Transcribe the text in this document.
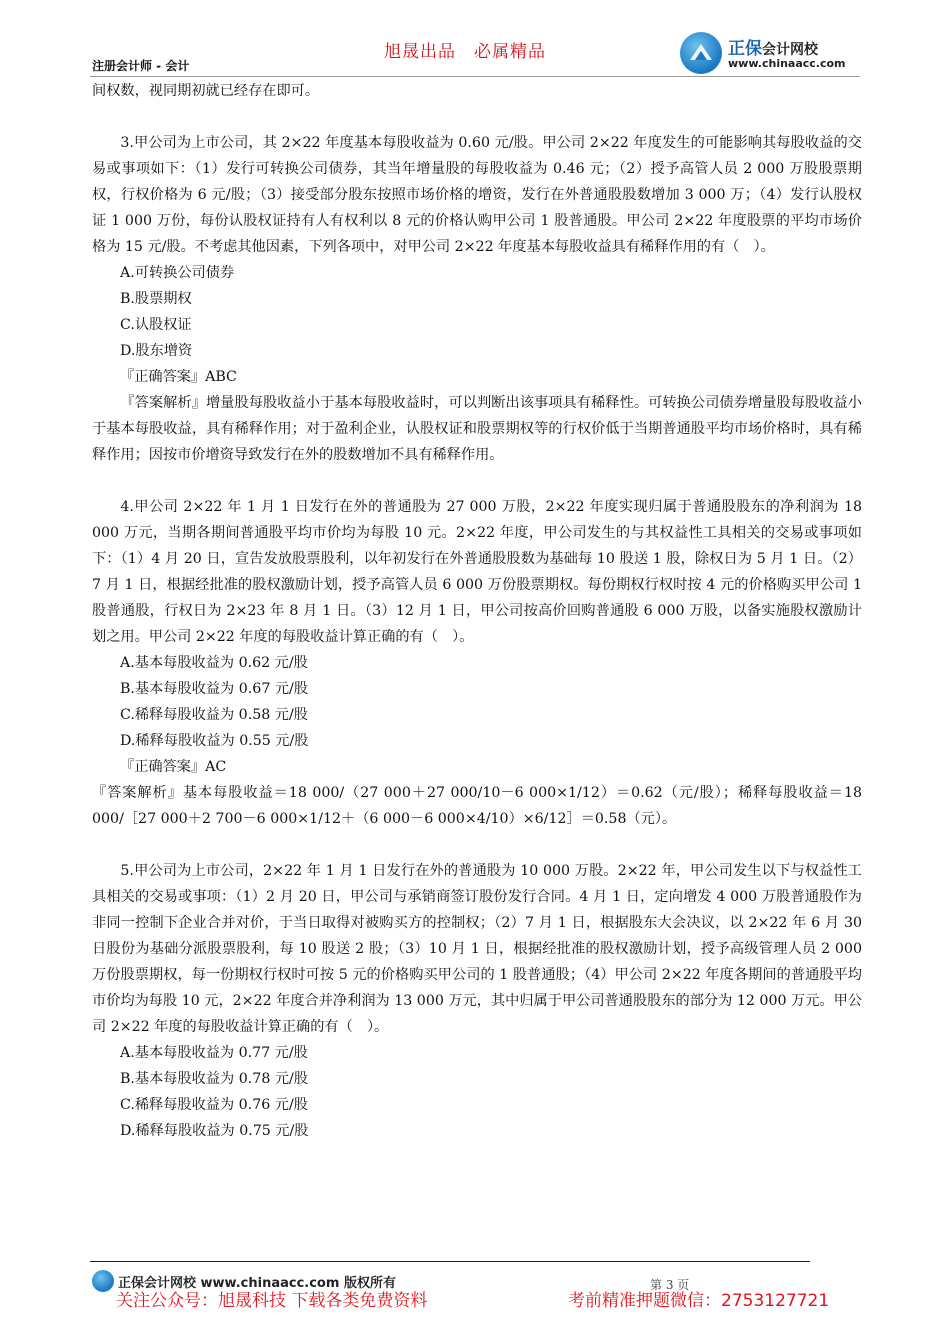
旭晟出品　必属精品
注册会计师 - 会计
正保会计网校
www.chinaacc.com

间权数，视同期初就已经存在即可。

3.甲公司为上市公司，其 2×22 年度基本每股收益为 0.60 元/股。甲公司 2×22 年度发生的可能影响其每股收益的交易或事项如下：（1）发行可转换公司债券，其当年增量股的每股收益为 0.46 元；（2）授予高管人员 2 000 万股股票期权，行权价格为 6 元/股；（3）接受部分股东按照市场价格的增资，发行在外普通股股数增加 3 000 万；（4）发行认股权证 1 000 万份，每份认股权证持有人有权利以 8 元的价格认购甲公司 1 股普通股。甲公司 2×22 年度股票的平均市场价格为 15 元/股。不考虑其他因素，下列各项中，对甲公司 2×22 年度基本每股收益具有稀释作用的有（　）。

A.可转换公司债券

B.股票期权

C.认股权证

D.股东增资

『正确答案』ABC

『答案解析』增量股每股收益小于基本每股收益时，可以判断出该事项具有稀释性。可转换公司债券增量股每股收益小于基本每股收益，具有稀释作用；对于盈利企业，认股权证和股票期权等的行权价低于当期普通股平均市场价格时，具有稀释作用；因按市价增资导致发行在外的股数增加不具有稀释作用。

4.甲公司 2×22 年 1 月 1 日发行在外的普通股为 27 000 万股，2×22 年度实现归属于普通股股东的净利润为 18 000 万元，当期各期间普通股平均市价均为每股 10 元。2×22 年度，甲公司发生的与其权益性工具相关的交易或事项如下：（1）4 月 20 日，宣告发放股票股利，以年初发行在外普通股股数为基础每 10 股送 1 股，除权日为 5 月 1 日。（2）7 月 1 日，根据经批准的股权激励计划，授予高管人员 6 000 万份股票期权。每份期权行权时按 4 元的价格购买甲公司 1 股普通股，行权日为 2×23 年 8 月 1 日。（3）12 月 1 日，甲公司按高价回购普通股 6 000 万股，以备实施股权激励计划之用。甲公司 2×22 年度的每股收益计算正确的有（　）。

A.基本每股收益为 0.62 元/股

B.基本每股收益为 0.67 元/股

C.稀释每股收益为 0.58 元/股

D.稀释每股收益为 0.55 元/股

『正确答案』AC

『答案解析』基本每股收益＝18 000/（27 000＋27 000/10－6 000×1/12）＝0.62（元/股）；稀释每股收益＝18 000/［27 000＋2 700－6 000×1/12＋（6 000－6 000×4/10）×6/12］＝0.58（元）。

5.甲公司为上市公司，2×22 年 1 月 1 日发行在外的普通股为 10 000 万股。2×22 年，甲公司发生以下与权益性工具相关的交易或事项：（1）2 月 20 日，甲公司与承销商签订股份发行合同。4 月 1 日，定向增发 4 000 万股普通股作为非同一控制下企业合并对价，于当日取得对被购买方的控制权；（2）7 月 1 日，根据股东大会决议，以 2×22 年 6 月 30 日股份为基础分派股票股利，每 10 股送 2 股；（3）10 月 1 日，根据经批准的股权激励计划，授予高级管理人员 2 000 万份股票期权，每一份期权行权时可按 5 元的价格购买甲公司的 1 股普通股；（4）甲公司 2×22 年度各期间的普通股平均市价均为每股 10 元，2×22 年度合并净利润为 13 000 万元，其中归属于甲公司普通股股东的部分为 12 000 万元。甲公司 2×22 年度的每股收益计算正确的有（　）。

A.基本每股收益为 0.77 元/股

B.基本每股收益为 0.78 元/股

C.稀释每股收益为 0.76 元/股

D.稀释每股收益为 0.75 元/股

正保会计网校 www.chinaacc.com 版权所有	第 3 页
关注公众号：旭晟科技 下载各类免费资料	考前精准押题微信：2753127721
